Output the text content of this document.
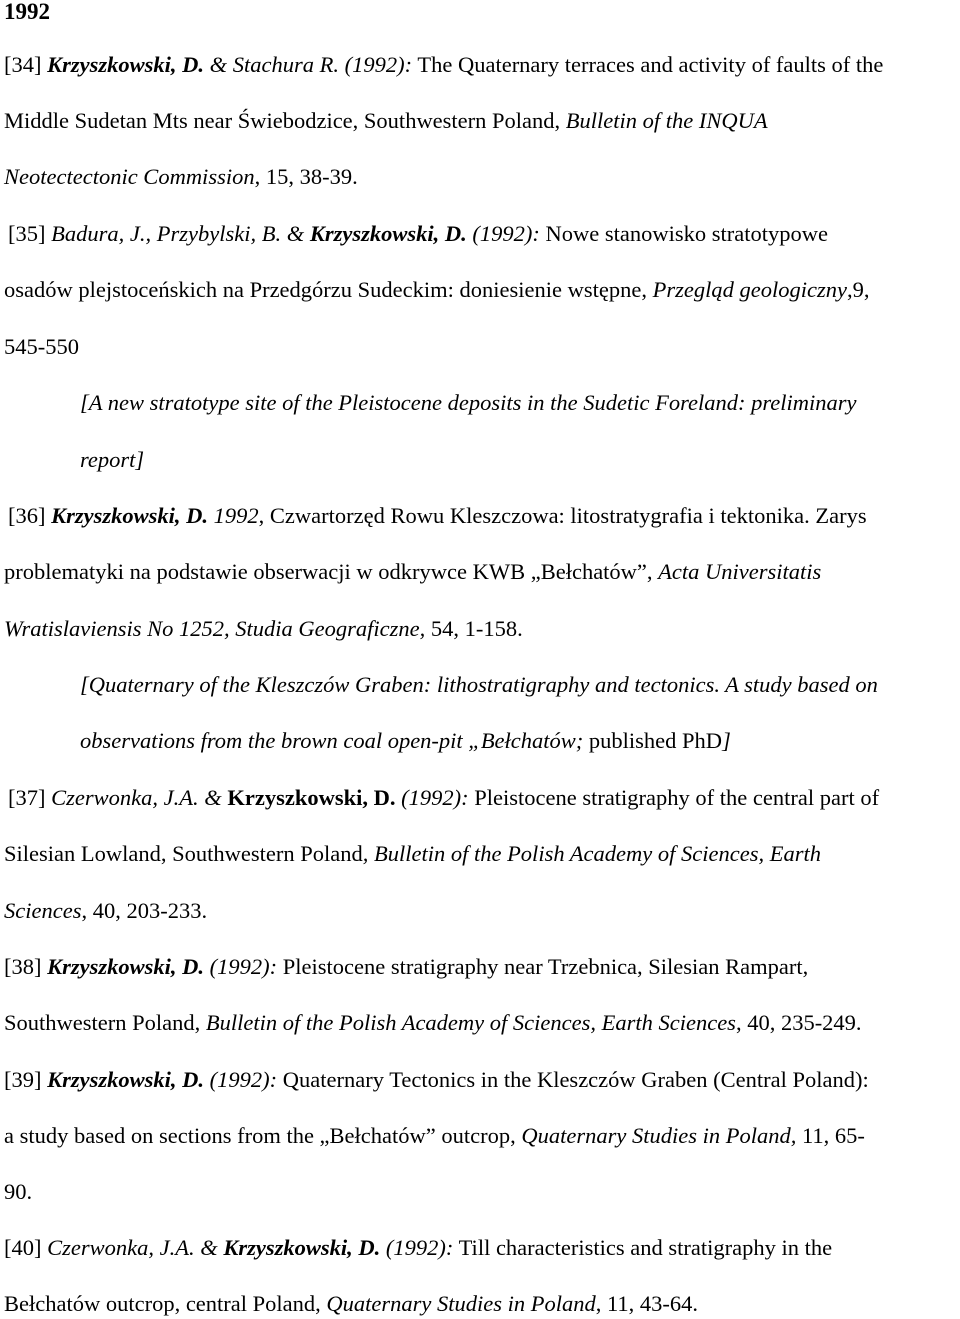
1992
[34] Krzyszkowski, D. & Stachura R. (1992): The Quaternary terraces and activity of faults of the
Middle Sudetan Mts near Świebodzice, Southwestern Poland, Bulletin of the INQUA
Neotectectonic Commission, 15, 38-39.
[35] Badura, J., Przybylski, B. & Krzyszkowski, D. (1992): Nowe stanowisko stratotypowe
osadów plejstoceńskich na Przedgórzu Sudeckim: doniesienie wstępne, Przegląd geologiczny,9,
545-550
[A new stratotype site of the Pleistocene deposits in the Sudetic Foreland: preliminary
report]
[36] Krzyszkowski, D. 1992, Czwartorzęd Rowu Kleszczowa: litostratygrafia i tektonika. Zarys
problematyki na podstawie obserwacji w odkrywce KWB „Bełchatów”, Acta Universitatis
Wratislaviensis No 1252, Studia Geograficzne, 54, 1-158.
[Quaternary of the Kleszczów Graben: lithostratigraphy and tectonics. A study based on
observations from the brown coal open-pit „Bełchatów; published PhD]
[37] Czerwonka, J.A. & Krzyszkowski, D. (1992): Pleistocene stratigraphy of the central part of
Silesian Lowland, Southwestern Poland, Bulletin of the Polish Academy of Sciences, Earth
Sciences, 40, 203-233.
[38] Krzyszkowski, D. (1992): Pleistocene stratigraphy near Trzebnica, Silesian Rampart,
Southwestern Poland, Bulletin of the Polish Academy of Sciences, Earth Sciences, 40, 235-249.
[39] Krzyszkowski, D. (1992): Quaternary Tectonics in the Kleszczów Graben (Central Poland):
a study based on sections from the „Bełchatów” outcrop, Quaternary Studies in Poland, 11, 65-
90.
[40] Czerwonka, J.A. & Krzyszkowski, D. (1992): Till characteristics and stratigraphy in the
Bełchatów outcrop, central Poland, Quaternary Studies in Poland, 11, 43-64.
